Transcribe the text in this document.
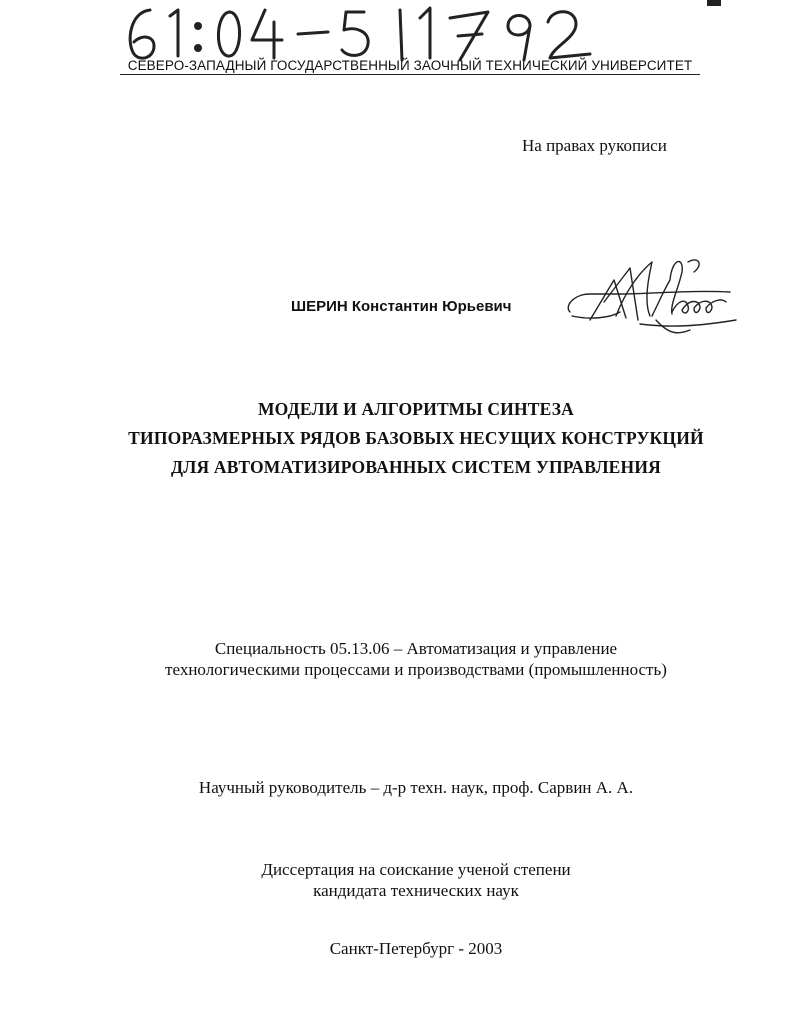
СЕВЕРО-ЗАПАДНЫЙ ГОСУДАРСТВЕННЫЙ ЗАОЧНЫЙ ТЕХНИЧЕСКИЙ УНИВЕРСИТЕТ
На правах рукописи
ШЕРИН Константин Юрьевич
МОДЕЛИ И АЛГОРИТМЫ СИНТЕЗА
ТИПОРАЗМЕРНЫХ РЯДОВ БАЗОВЫХ НЕСУЩИХ КОНСТРУКЦИЙ
ДЛЯ АВТОМАТИЗИРОВАННЫХ СИСТЕМ УПРАВЛЕНИЯ
Специальность 05.13.06 – Автоматизация и управление
технологическими процессами и производствами (промышленность)
Научный руководитель – д-р техн. наук, проф. Сарвин А. А.
Диссертация на соискание ученой степени
кандидата технических наук
Санкт-Петербург - 2003
